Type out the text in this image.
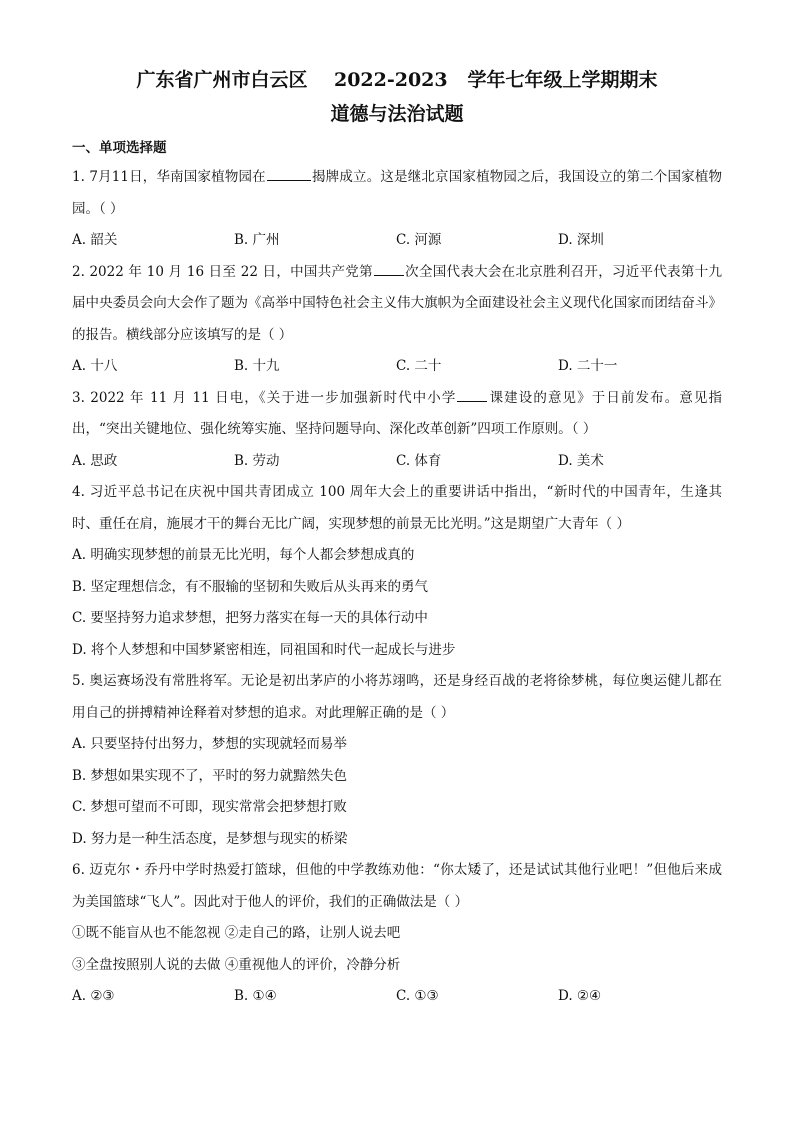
广东省广州市白云区    2022-2023   学年七年级上学期期末
道德与法治试题
一、单项选择题
1. 7月11日，华南国家植物园在	揭牌成立。这是继北京国家植物园之后，我国设立的第二个国家植物园。（ ）
A. 韶关	B. 广州	C. 河源	D. 深圳
2. 2022 年 10 月 16 日至 22 日，中国共产党第 次全国代表大会在北京胜利召开，习近平代表第十九届中央委员会向大会作了题为《高举中国特色社会主义伟大旗帜为全面建设社会主义现代化国家而团结奋斗》的报告。横线部分应该填写的是（ ）
A. 十八	B. 十九	C. 二十	D. 二十一
3. 2022 年 11 月 11 日电，《关于进一步加强新时代中小学 课建设的意见》于日前发布。意见指出，“突出关键地位、强化统筹实施、坚持问题导向、深化改革创新”四项工作原则。（ ）
A. 思政	B. 劳动	C. 体育	D. 美术
4. 习近平总书记在庆祝中国共青团成立 100 周年大会上的重要讲话中指出，“新时代的中国青年，生逢其时、重任在肩，施展才干的舞台无比广阔，实现梦想的前景无比光明。”这是期望广大青年（ ）
A. 明确实现梦想的前景无比光明，每个人都会梦想成真的
B. 坚定理想信念，有不服输的坚韧和失败后从头再来的勇气
C. 要坚持努力追求梦想，把努力落实在每一天的具体行动中
D. 将个人梦想和中国梦紧密相连，同祖国和时代一起成长与进步
5. 奥运赛场没有常胜将军。无论是初出茅庐的小将苏翊鸣，还是身经百战的老将徐梦桃，每位奥运健儿都在用自己的拼搏精神诠释着对梦想的追求。对此理解正确的是（ ）
A. 只要坚持付出努力，梦想的实现就轻而易举
B. 梦想如果实现不了，平时的努力就黯然失色
C. 梦想可望而不可即，现实常常会把梦想打败
D. 努力是一种生活态度，是梦想与现实的桥梁
6. 迈克尔・乔丹中学时热爱打篮球，但他的中学教练劝他：“你太矮了，还是试试其他行业吧！”但他后来成为美国篮球“飞人”。因此对于他人的评价，我们的正确做法是（ ）
①既不能盲从也不能忽视 ②走自己的路，让别人说去吧
③全盘按照别人说的去做 ④重视他人的评价，冷静分析
A. ②③	B. ①④	C. ①③	D. ②④
